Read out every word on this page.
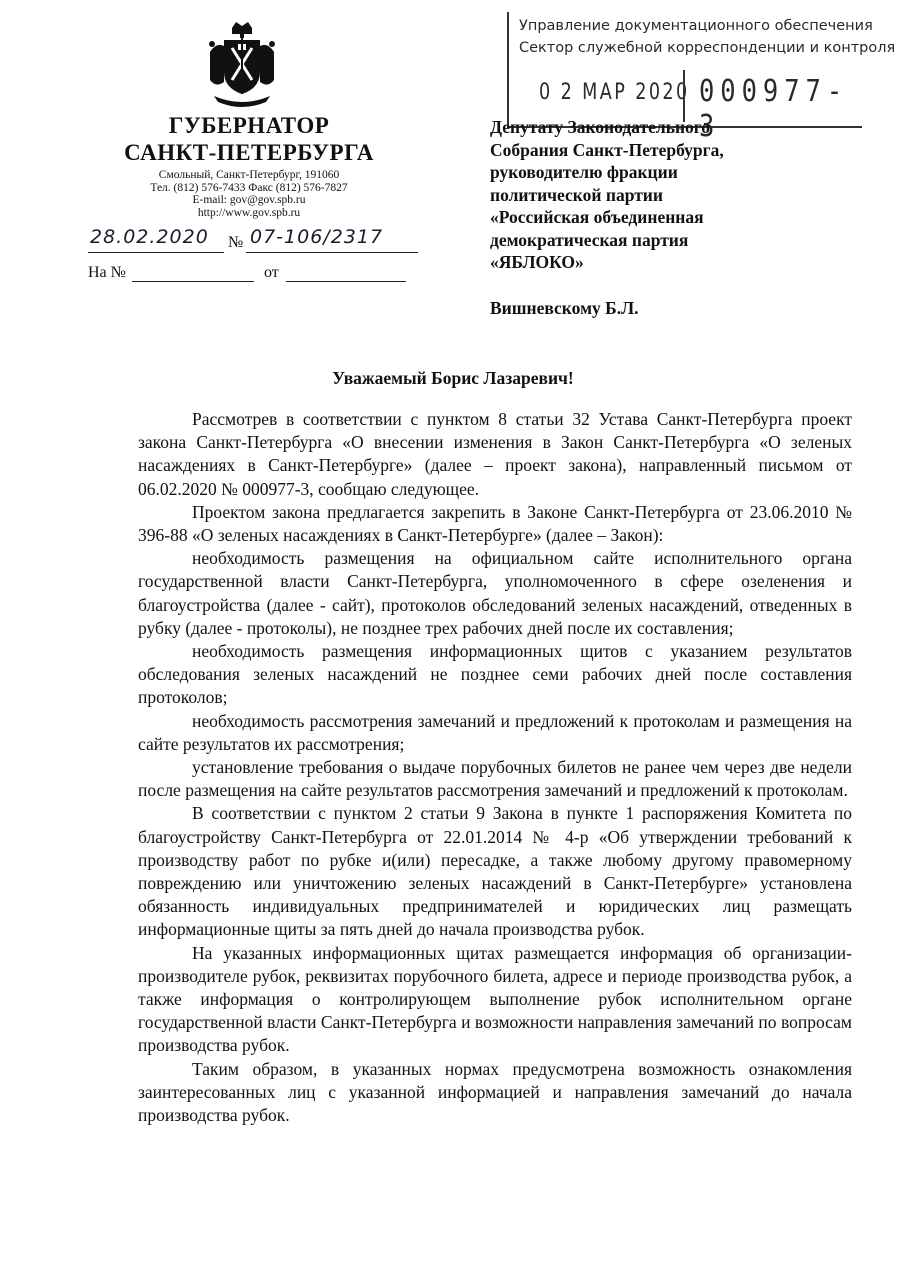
ГУБЕРНАТОР
САНКТ-ПЕТЕРБУРГА
Смольный, Санкт-Петербург, 191060
Тел. (812) 576-7433 Факс (812) 576-7827
E-mail: gov@gov.spb.ru
http://www.gov.spb.ru
28.02.2020 № 07-106/2317
На №	от
Управление документационного обеспечения
Сектор служебной корреспонденции и контроля
0 2 МАР 2020 000977-3
Депутату Законодательного
Собрания Санкт-Петербурга,
руководителю фракции
политической партии
«Российская объединенная
демократическая партия
«ЯБЛОКО»
Вишневскому Б.Л.
Уважаемый Борис Лазаревич!

Рассмотрев в соответствии с пунктом 8 статьи 32 Устава Санкт-Петербурга проект закона Санкт-Петербурга «О внесении изменения в Закон Санкт-Петербурга «О зеленых насаждениях в Санкт-Петербурге» (далее – проект закона), направленный письмом от 06.02.2020 № 000977-3, сообщаю следующее.

Проектом закона предлагается закрепить в Законе Санкт-Петербурга от 23.06.2010 № 396-88 «О зеленых насаждениях в Санкт-Петербурге» (далее – Закон):

необходимость размещения на официальном сайте исполнительного органа государственной власти Санкт-Петербурга, уполномоченного в сфере озеленения и благоустройства (далее - сайт), протоколов обследований зеленых насаждений, отведенных в рубку (далее - протоколы), не позднее трех рабочих дней после их составления;

необходимость размещения информационных щитов с указанием результатов обследования зеленых насаждений не позднее семи рабочих дней после составления протоколов;

необходимость рассмотрения замечаний и предложений к протоколам и размещения на сайте результатов их рассмотрения;

установление требования о выдаче порубочных билетов не ранее чем через две недели после размещения на сайте результатов рассмотрения замечаний и предложений к протоколам.

В соответствии с пунктом 2 статьи 9 Закона в пункте 1 распоряжения Комитета по благоустройству Санкт-Петербурга от 22.01.2014 № 4-р «Об утверждении требований к производству работ по рубке и(или) пересадке, а также любому другому правомерному повреждению или уничтожению зеленых насаждений в Санкт-Петербурге» установлена обязанность индивидуальных предпринимателей и юридических лиц размещать информационные щиты за пять дней до начала производства рубок.

На указанных информационных щитах размещается информация об организации-производителе рубок, реквизитах порубочного билета, адресе и периоде производства рубок, а также информация о контролирующем выполнение рубок исполнительном органе государственной власти Санкт-Петербурга и возможности направления замечаний по вопросам производства рубок.

Таким образом, в указанных нормах предусмотрена возможность ознакомления заинтересованных лиц с указанной информацией и направления замечаний до начала производства рубок.
